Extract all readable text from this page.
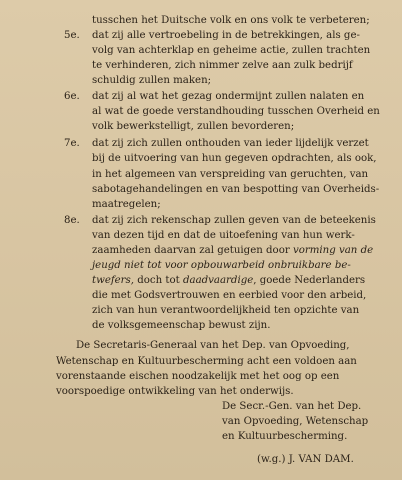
tusschen het Duitsche volk en ons volk te verbeteren;
5e. dat zij alle vertroebeling in de betrekkingen, als ge-
volg van achterklap en geheime actie, zullen trachten
te verhinderen, zich nimmer zelve aan zulk bedrijf
schuldig zullen maken;
6e. dat zij al wat het gezag ondermijnt zullen nalaten en
al wat de goede verstandhouding tusschen Overheid en
volk bewerkstelligt, zullen bevorderen;
7e. dat zij zich zullen onthouden van ieder lijdelijk verzet
bij de uitvoering van hun gegeven opdrachten, als ook,
in het algemeen van verspreiding van geruchten, van
sabotagehandelingen en van bespotting van Overheids-
maatregelen;
8e. dat zij zich rekenschap zullen geven van de beteekenis
van dezen tijd en dat de uitoefening van hun werk-
zaamheden daarvan zal getuigen door vorming van de
jeugd niet tot voor opbouwarbeid onbruikbare be-
twefers, doch tot daadvaardige, goede Nederlanders
die met Godsvertrouwen en eerbied voor den arbeid,
zich van hun verantwoordelijkheid ten opzichte van
de volksgemeenschap bewust zijn.
De Secretaris-Generaal van het Dep. van Opvoeding,
Wetenschap en Kultuurbescherming acht een voldoen aan
vorenstaande eischen noodzakelijk met het oog op een
voorspoedige ontwikkeling van het onderwijs.
De Secr.-Gen. van het Dep.
van Opvoeding, Wetenschap
en Kultuurbescherming.
(w.g.) J. VAN DAM.
